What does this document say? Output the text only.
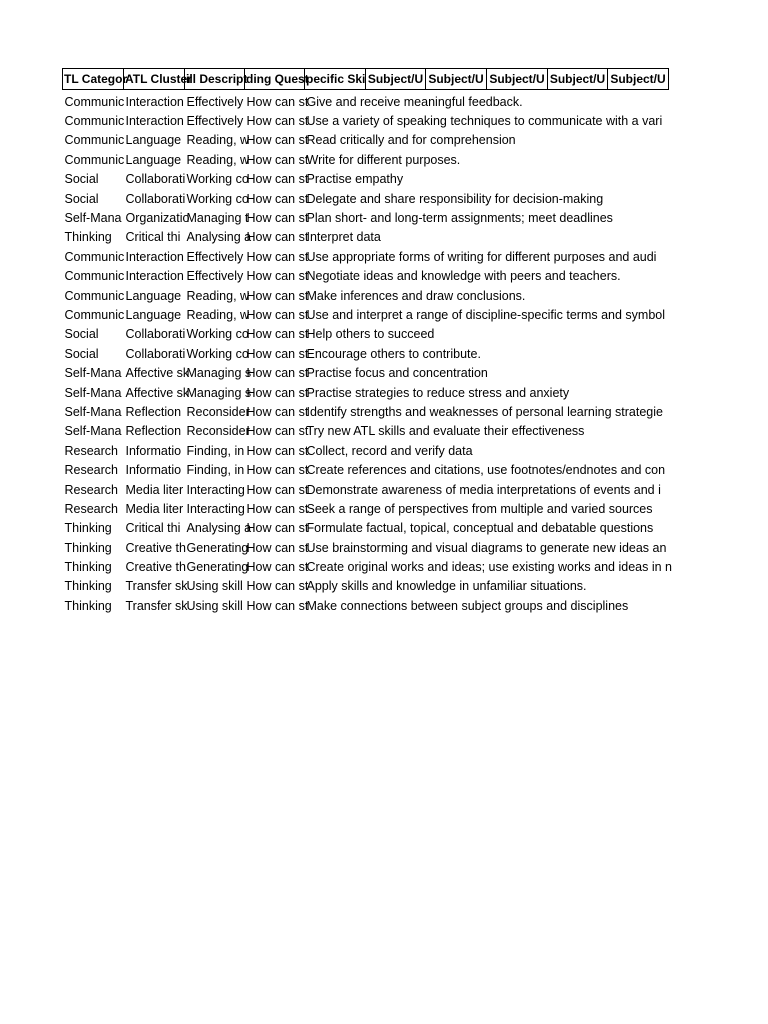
TL Categor	ATL Cluster	ill Descript	ding Quest	pecific Ski	Subject/U	Subject/U	Subject/U	Subject/U	Subject/U
Communic	Interaction	Effectively	How can st	Give and receive meaningful feedback.					

Communic	Interaction	Effectively	How can st	Use a variety of speaking techniques to communicate with a vari					

Communic	Language	Reading, w	How can st	Read critically and for comprehension					

Communic	Language	Reading, w	How can st	Write for different purposes.					

Social	Collaborati	Working co	How can st	Practise empathy					

Social	Collaborati	Working co	How can st	Delegate and share responsibility for decision-making					

Self-Mana	Organizatio	Managing t	How can st	Plan short- and long-term assignments; meet deadlines					

Thinking	Critical thi	Analysing a	How can st	Interpret data					

Communic	Interaction	Effectively	How can st	Use appropriate forms of writing for different purposes and audi					

Communic	Interaction	Effectively	How can st	Negotiate ideas and knowledge with peers and teachers.					

Communic	Language	Reading, w	How can st	Make inferences and draw conclusions.					

Communic	Language	Reading, w	How can st	Use and interpret a range of discipline-specific terms and symbol					

Social	Collaborati	Working co	How can st	Help others to succeed					

Social	Collaborati	Working co	How can st	Encourage others to contribute.					

Self-Mana	Affective sk	Managing s	How can st	Practise focus and concentration					

Self-Mana	Affective sk	Managing s	How can st	Practise strategies to reduce stress and anxiety					

Self-Mana	Reflection	Reconsider	How can st	Identify strengths and weaknesses of personal learning strategie					

Self-Mana	Reflection	Reconsider	How can st	Try new ATL skills and evaluate their effectiveness					

Research	Informatio	Finding, in	How can st	Collect, record and verify data					

Research	Informatio	Finding, in	How can st	Create references and citations, use footnotes/endnotes and con					

Research	Media liter	Interacting	How can st	Demonstrate awareness of media interpretations of events and i					

Research	Media liter	Interacting	How can st	Seek a range of perspectives from multiple and varied sources					

Thinking	Critical thi	Analysing a	How can st	Formulate factual, topical, conceptual and debatable questions					

Thinking	Creative th	Generating	How can st	Use brainstorming and visual diagrams to generate new ideas an					

Thinking	Creative th	Generating	How can st	Create original works and ideas; use existing works and ideas in n					

Thinking	Transfer sk	Using skill	How can st	Apply skills and knowledge in unfamiliar situations.					

Thinking	Transfer sk	Using skill	How can st	Make connections between subject groups and disciplines					
